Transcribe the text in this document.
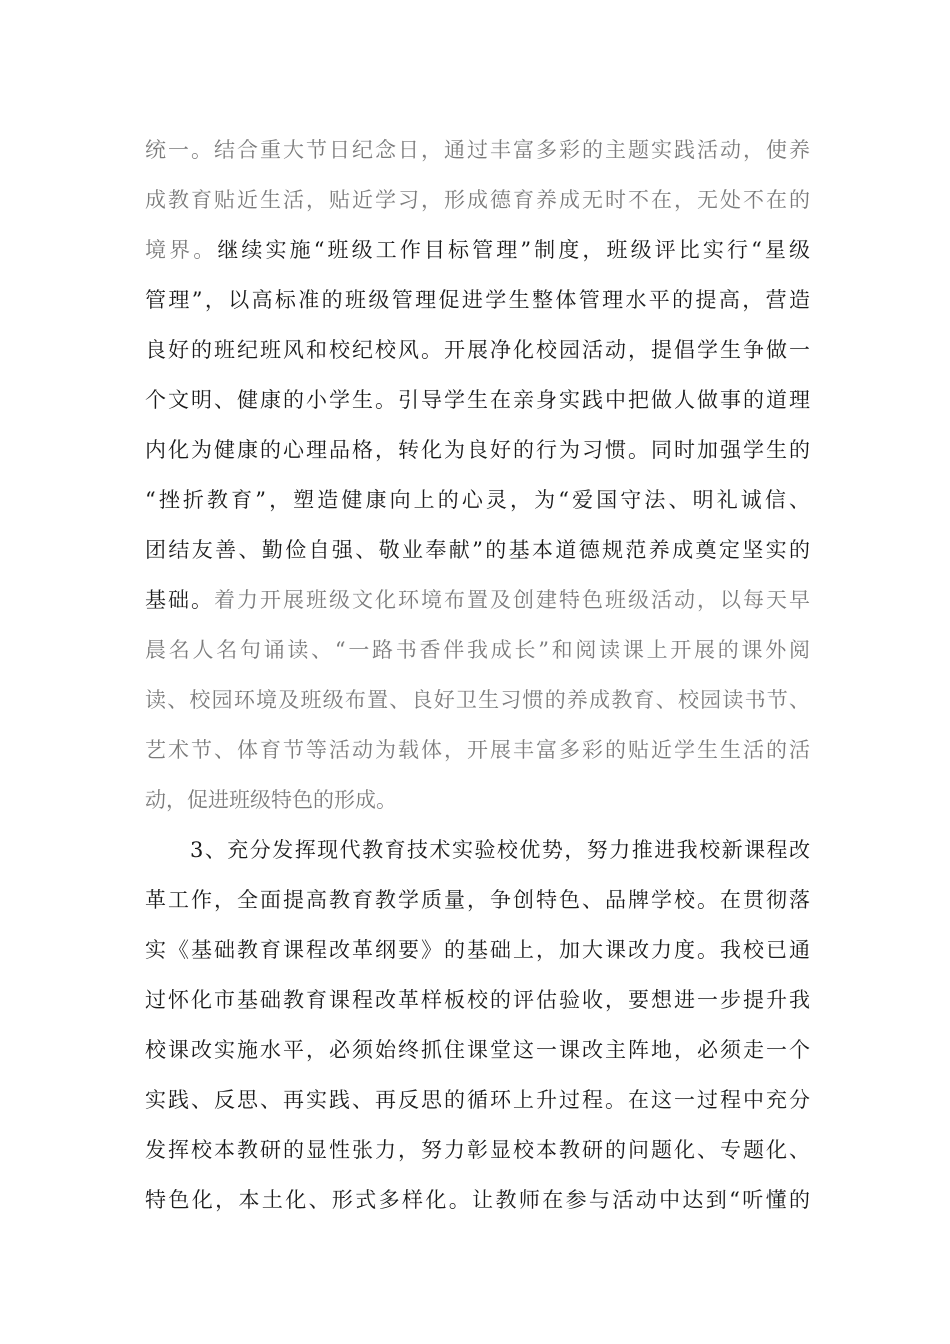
统一。结合重大节日纪念日，通过丰富多彩的主题实践活动，使养
成教育贴近生活，贴近学习，形成德育养成无时不在，无处不在的
境界。继续实施“班级工作目标管理”制度，班级评比实行“星级
管理”，以高标准的班级管理促进学生整体管理水平的提高，营造
良好的班纪班风和校纪校风。开展净化校园活动，提倡学生争做一
个文明、健康的小学生。引导学生在亲身实践中把做人做事的道理
内化为健康的心理品格，转化为良好的行为习惯。同时加强学生的
“挫折教育”，塑造健康向上的心灵，为“爱国守法、明礼诚信、
团结友善、勤俭自强、敬业奉献”的基本道德规范养成奠定坚实的
基础。着力开展班级文化环境布置及创建特色班级活动，以每天早
晨名人名句诵读、“一路书香伴我成长”和阅读课上开展的课外阅
读、校园环境及班级布置、良好卫生习惯的养成教育、校园读书节、
艺术节、体育节等活动为载体，开展丰富多彩的贴近学生生活的活
动，促进班级特色的形成。
3、充分发挥现代教育技术实验校优势，努力推进我校新课程改
革工作，全面提高教育教学质量，争创特色、品牌学校。在贯彻落
实《基础教育课程改革纲要》的基础上，加大课改力度。我校已通
过怀化市基础教育课程改革样板校的评估验收，要想进一步提升我
校课改实施水平，必须始终抓住课堂这一课改主阵地，必须走一个
实践、反思、再实践、再反思的循环上升过程。在这一过程中充分
发挥校本教研的显性张力，努力彰显校本教研的问题化、专题化、
特色化，本土化、形式多样化。让教师在参与活动中达到“听懂的
